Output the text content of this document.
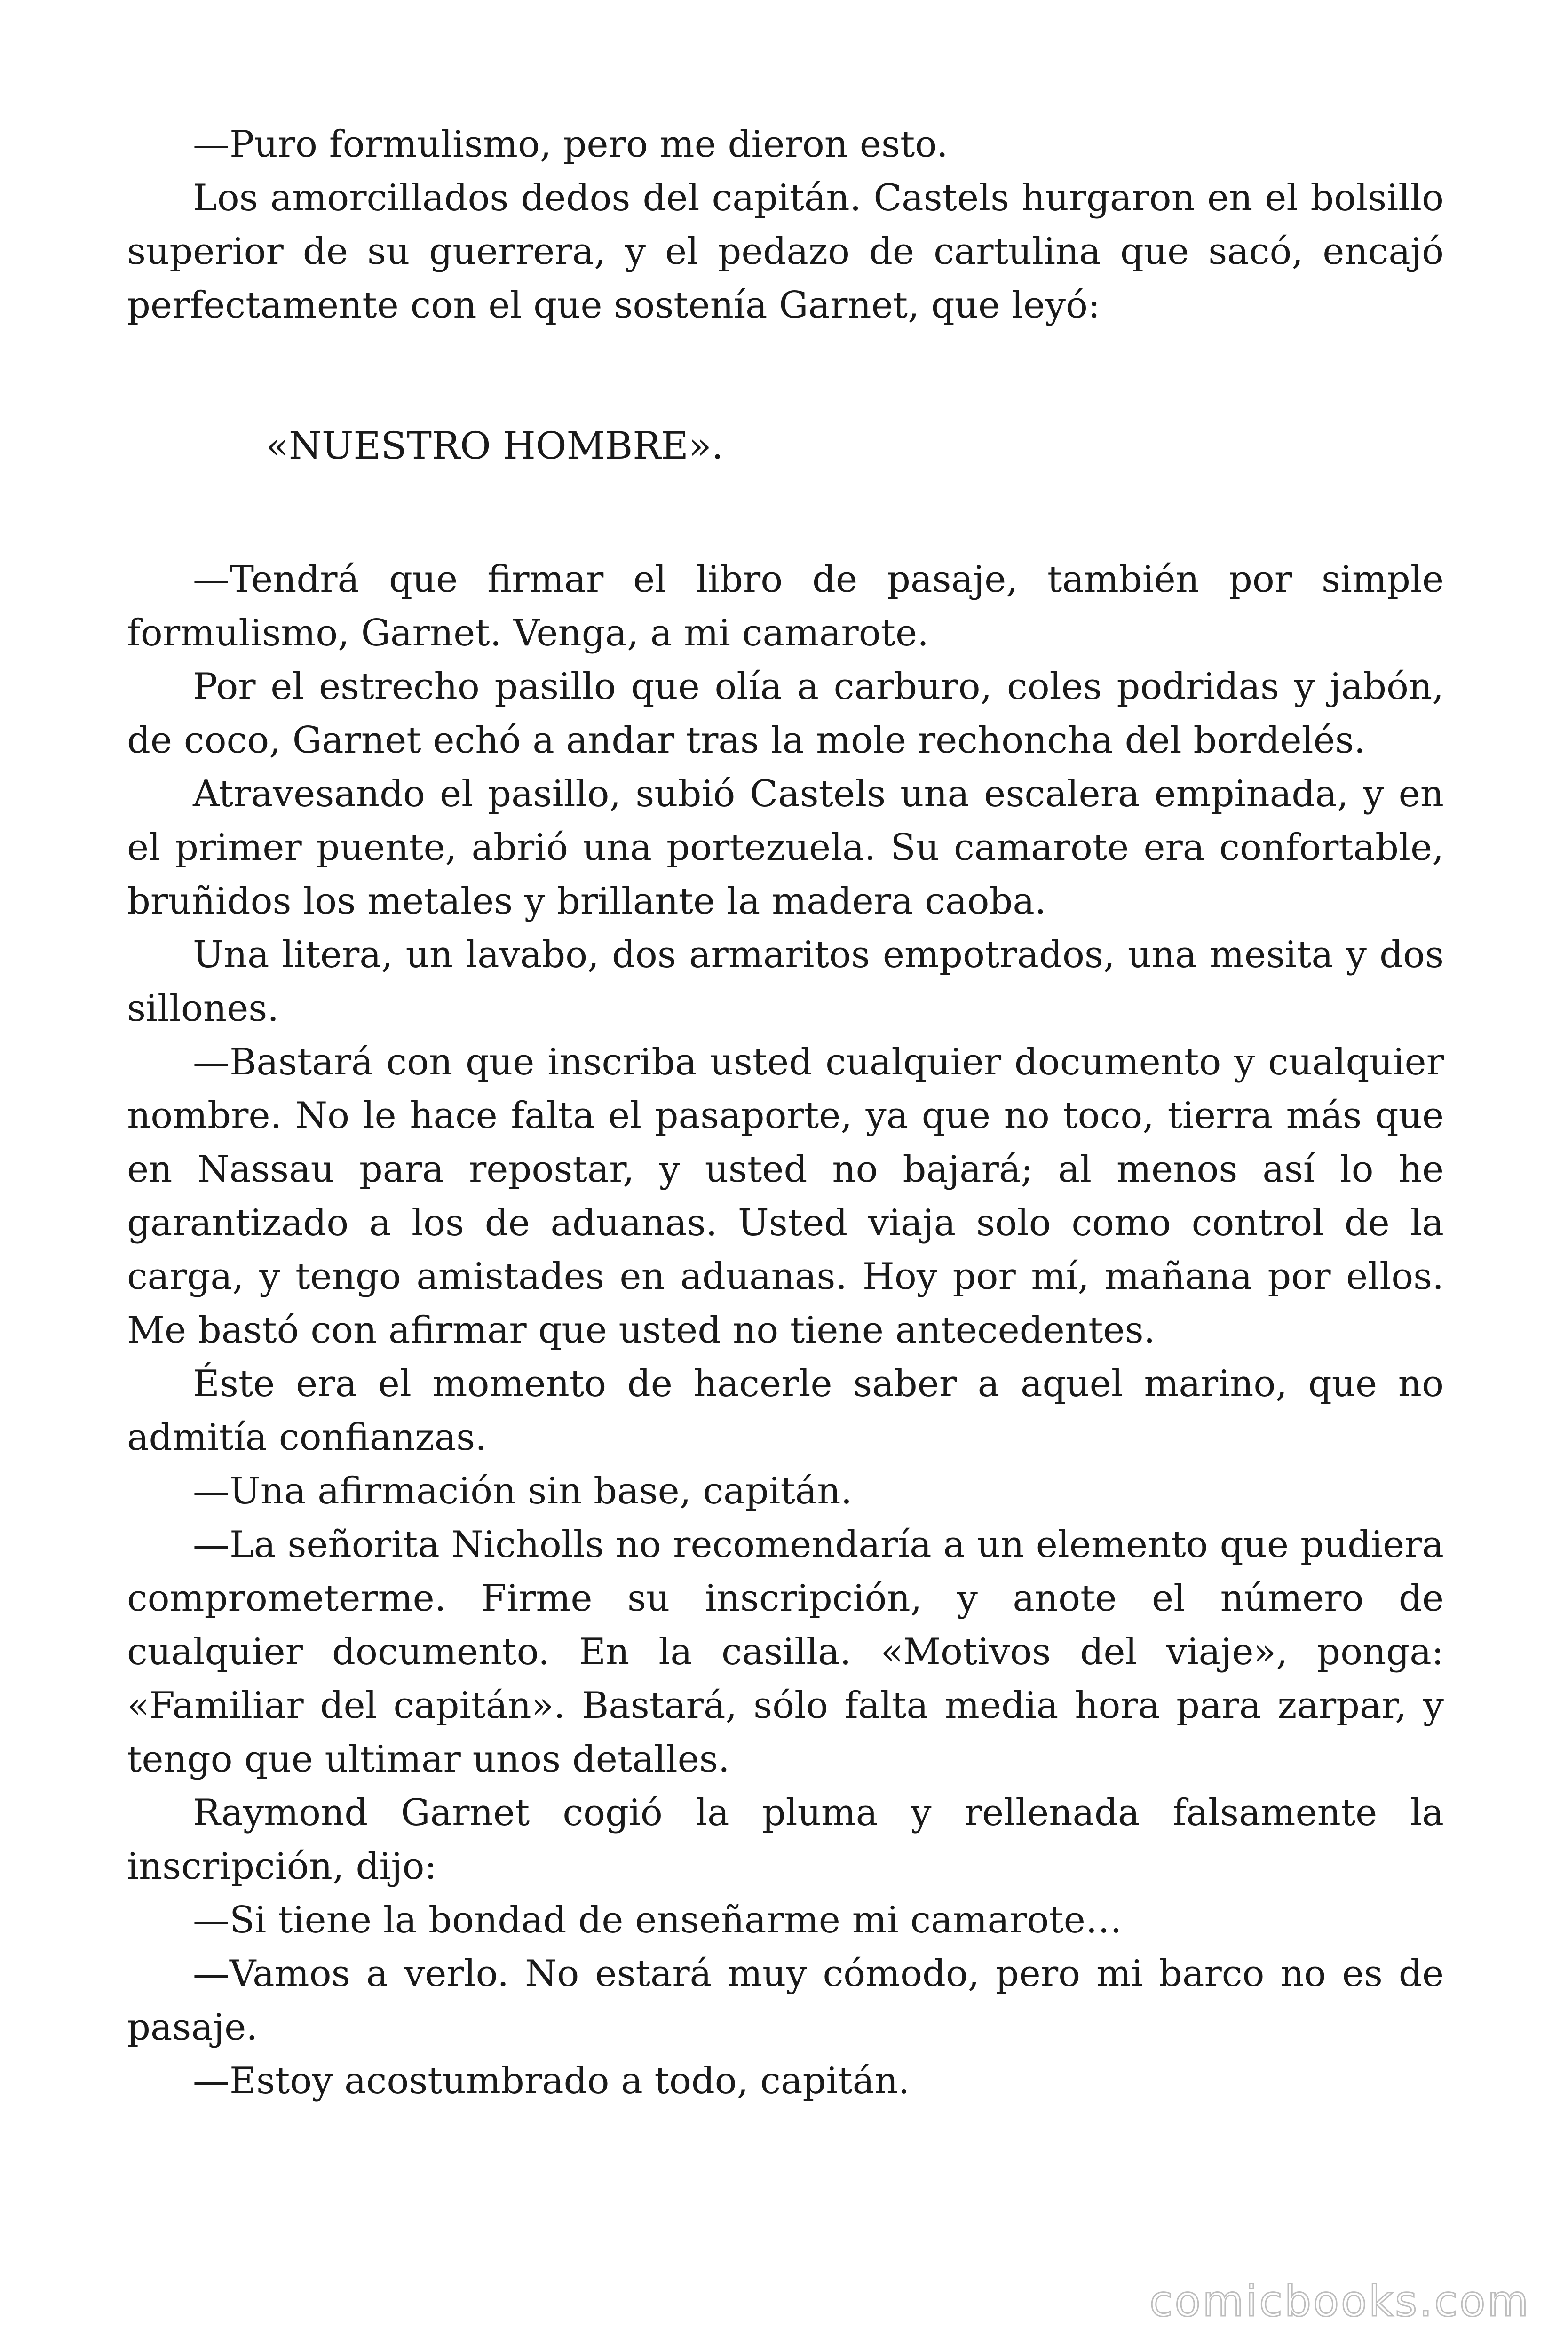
—Puro formulismo, pero me dieron esto.

Los amorcillados dedos del capitán. Castels hurgaron en el bolsillo superior de su guerrera, y el pedazo de cartulina que sacó, encajó perfectamente con el que sostenía Garnet, que leyó:

«NUESTRO HOMBRE».

—Tendrá que firmar el libro de pasaje, también por simple formulismo, Garnet. Venga, a mi camarote.

Por el estrecho pasillo que olía a carburo, coles podridas y jabón, de coco, Garnet echó a andar tras la mole rechoncha del bordelés.

Atravesando el pasillo, subió Castels una escalera empinada, y en el primer puente, abrió una portezuela. Su camarote era confortable, bruñidos los metales y brillante la madera caoba.

Una litera, un lavabo, dos armaritos empotrados, una mesita y dos sillones.

—Bastará con que inscriba usted cualquier documento y cualquier nombre. No le hace falta el pasaporte, ya que no toco, tierra más que en Nassau para repostar, y usted no bajará; al menos así lo he garantizado a los de aduanas. Usted viaja solo como control de la carga, y tengo amistades en aduanas. Hoy por mí, mañana por ellos. Me bastó con afirmar que usted no tiene antecedentes.

Éste era el momento de hacerle saber a aquel marino, que no admitía confianzas.

—Una afirmación sin base, capitán.

—La señorita Nicholls no recomendaría a un elemento que pudiera comprometerme. Firme su inscripción, y anote el número de cualquier documento. En la casilla. «Motivos del viaje», ponga: «Familiar del capitán». Bastará, sólo falta media hora para zarpar, y tengo que ultimar unos detalles.

Raymond Garnet cogió la pluma y rellenada falsamente la inscripción, dijo:

—Si tiene la bondad de enseñarme mi camarote…

—Vamos a verlo. No estará muy cómodo, pero mi barco no es de pasaje.

—Estoy acostumbrado a todo, capitán.

comicbooks.com
